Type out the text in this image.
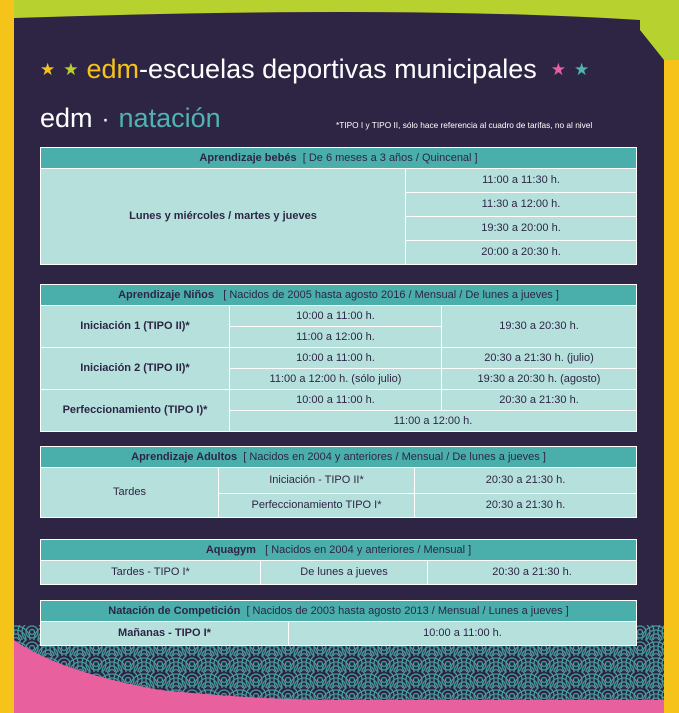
★ ★ edm-escuelas deportivas municipales ★ ★
edm · natación	*TIPO I y TIPO II, sólo hace referencia al cuadro de tarifas, no al nivel
Aprendizaje bebés [ De 6 meses a 3 años / Quincenal ]
Lunes y miércoles / martes y jueves	11:00 a 11:30 h.
11:30 a 12:00 h.
19:30 a 20:00 h.
20:00 a 20:30 h.
Aprendizaje Niños [ Nacidos de 2005 hasta agosto 2016 / Mensual / De lunes a jueves ]		
Iniciación 1 (TIPO II)*	10:00 a 11:00 h.	19:30 a 20:30 h.
	11:00 a 12:00 h.	
Iniciación 2 (TIPO II)*	10:00 a 11:00 h.	20:30 a 21:30 h. (julio)
	11:00 a 12:00 h. (sólo julio)	19:30 a 20:30 h. (agosto)
Perfeccionamiento (TIPO I)*	10:00 a 11:00 h.	20:30 a 21:30 h.
	11:00 a 12:00 h.	
Aprendizaje Adultos [ Nacidos en 2004 y anteriores / Mensual / De lunes a jueves ]		
Tardes	Iniciación - TIPO II*	20:30 a 21:30 h.
	Perfeccionamiento TIPO I*	20:30 a 21:30 h.
Aquagym [ Nacidos en 2004 y anteriores / Mensual ]
Tardes - TIPO I*	De lunes a jueves	20:30 a 21:30 h.
Natación de Competición [ Nacidos de 2003 hasta agosto 2013 / Mensual / Lunes a jueves ]
Mañanas - TIPO I*	10:00 a 11:00 h.
